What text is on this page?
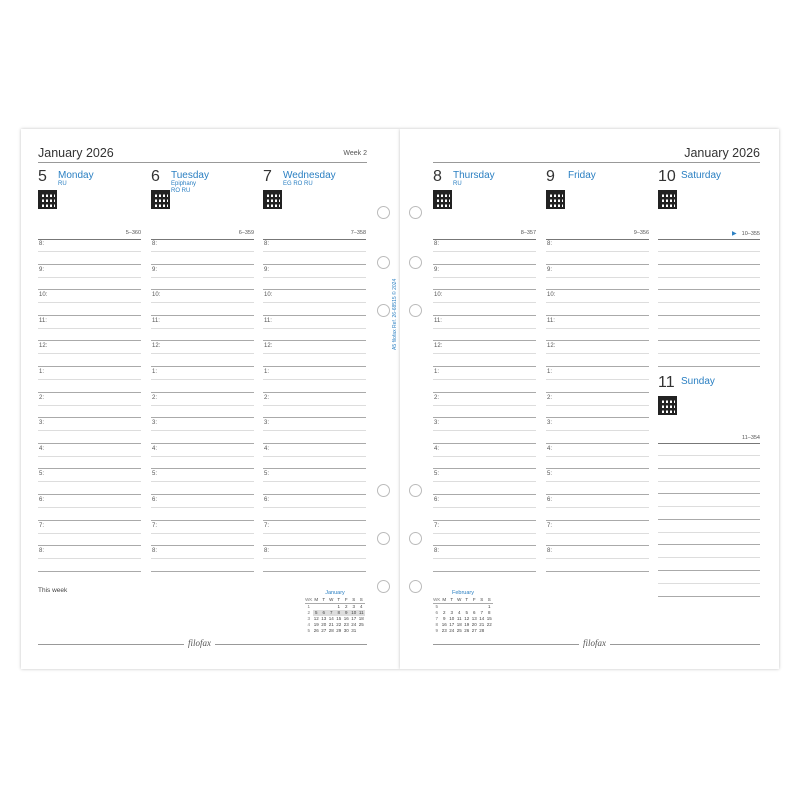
January 2026	Week 2
5 Monday
RU	6 Tuesday
Epiphany
RO RU
7 Wednesday
EG RO RU
5–360	6–359	7–358
8:
9:
10:
11:
12:
1:
2:
3:
4:
5:
6:
7:
8:
8:
9:
10:
11:
12:
1:
2:
3:
4:
5:
6:
7:
8:
8:
9:
10:
11:
12:
1:
2:
3:
4:
5:
6:
7:
8:
This week	January
WK	M	T	W	T	F	S	S
1				1	2	3	4
2	5	6	7	8	9	10	11
3	12	13	14	15	16	17	18
4	19	20	21	22	23	24	25
5	26	27	28	29	30	31	
filofax
January 2026
8 Thursday
RU	9 Friday	10 Saturday
8–357	9–356	▶ 10–355
8:
9:
10:
11:
12:
1:
2:
3:
4:
5:
6:
7:
8:
8:
9:
10:
11:
12:
1:
2:
3:
4:
5:
6:
7:
8:
11 Sunday
11–354
February
WK	M	T	W	T	F	S	S
5							1
6	2	3	4	5	6	7	8
7	9	10	11	12	13	14	15
8	16	17	18	19	20	21	22
9	23	24	25	26	27	28	
filofax
A5 filofax Ref. 26-68515 © 2024
